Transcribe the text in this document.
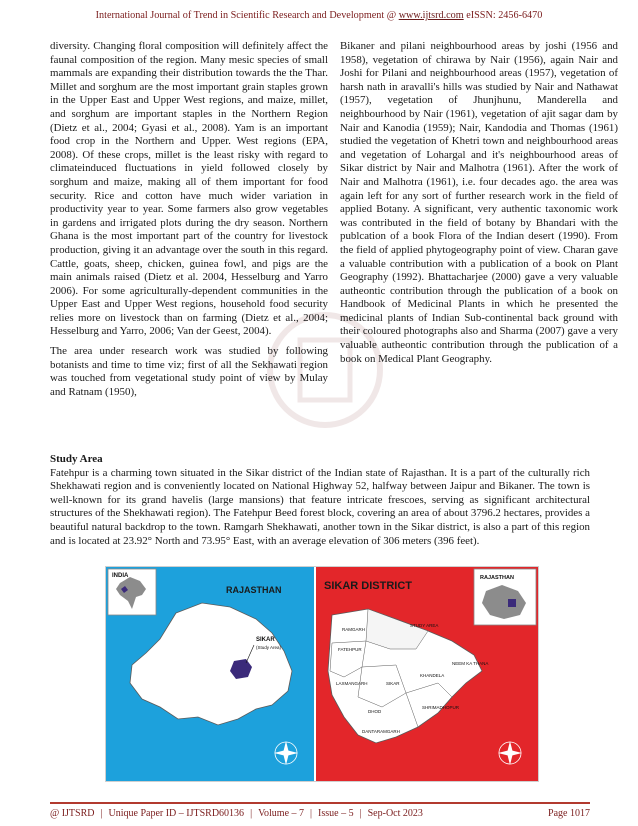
International Journal of Trend in Scientific Research and Development @ www.ijtsrd.com eISSN: 2456-6470

diversity. Changing floral composition will definitely affect the faunal composition of the region. Many mesic species of small mammals are expanding their distribution towards the the Thar. Millet and sorghum are the most important grain staples grown in the Upper East and Upper West regions, and maize, millet, and sorghum are important staples in the Northern Region (Dietz et al., 2004; Gyasi et al., 2008). Yam is an important food crop in the Northern and Upper. West regions (EPA, 2008). Of these crops, millet is the least risky with regard to climateinduced fluctuations in yield followed closely by sorghum and maize, making all of them important for food security. Rice and cotton have much wider variation in productivity year to year. Some farmers also grow vegetables in gardens and irrigated plots during the dry season. Northern Ghana is the most important part of the country for livestock production, giving it an advantage over the south in this regard. Cattle, goats, sheep, chicken, guinea fowl, and pigs are the main animals raised (Dietz et al. 2004, Hesselburg and Yarro 2006). For some agriculturally-dependent communities in the Upper East and Upper West regions, household food security relies more on livestock than on farming (Dietz et al., 2004; Hesselburg and Yarro, 2006; Van der Geest, 2004).

The area under research work was studied by following botanists and time to time viz; first of all the Sekhawati region was touched from vegetational study point of view by Mulay and Ratnam (1950),

Bikaner and pilani neighbourhood areas by joshi (1956 and 1958), vegetation of chirawa by Nair (1956), again Nair and Joshi for Pilani and neighbourhood areas (1957), vegetation of harsh nath in aravalli's hills was studied by Nair and Nathawat (1957), vegetation of Jhunjhunu, Manderella and neighbourhood by Nair (1961), vegetation of ajit sagar dam by Nair and Kanodia (1959); Nair, Kandodia and Thomas (1961) studied the vegetation of Khetri town and neighbourhood areas and vegetation of Lohargal and it's neighbourhood areas of Sikar district by Nair and Malhotra (1961). After the work of Nair and Malhotra (1961), i.e. four decades ago. the area was again left for any sort of further research work in the field of applied Botany. A significant, very authentic taxonomic work was contributed in the field of botany by Bhandari with the publcation of a book Flora of the Indian desert (1990). From the field of applied phytogeography point of view. Charan gave a valuable contribution with a publication of a book on Plant Geography (1992). Bhattacharjee (2000) gave a very valuable autheontic contribution through the publication of a book on Handbook of Medicinal Plants in which he presented the medicinal plants of Indian Sub-continental back ground with their coloured photographs also and Sharma (2007) gave a very valuable autheontic contribution through the publication of a book on Medical Plant Geography.

Study Area

Fatehpur is a charming town situated in the Sikar district of the Indian state of Rajasthan. It is a part of the culturally rich Shekhawati region and is conveniently located on National Highway 52, halfway between Jaipur and Bikaner. The town is well-known for its grand havelis (large mansions) that feature intricate frescoes, serving as significant architectural structures of the Shekhawati region). The Fatehpur Beed forest block, covering an area of about 3796.2 hectares, provides a beautiful natural backdrop to the town. Ramgarh Shekhawati, another town in the Sikar district, is also a part of this region and is located at 23.92° North and 73.95° East, with an average elevation of 306 meters (396 feet).

INDIA
RAJASTHAN
SIKAR
(Study Area)
SIKAR DISTRICT
RAJASTHAN
STUDY AREA
RAMGARH
FATEHPUR
LAXMANGARH	SIKAR
DHOD
KHANDELA
NEEM KA THANA
DANTARAMGARH
SHRIMADHOPUR
@ IJTSRD | Unique Paper ID – IJTSRD60136 | Volume – 7 | Issue – 5 | Sep-Oct 2023	Page 1017
